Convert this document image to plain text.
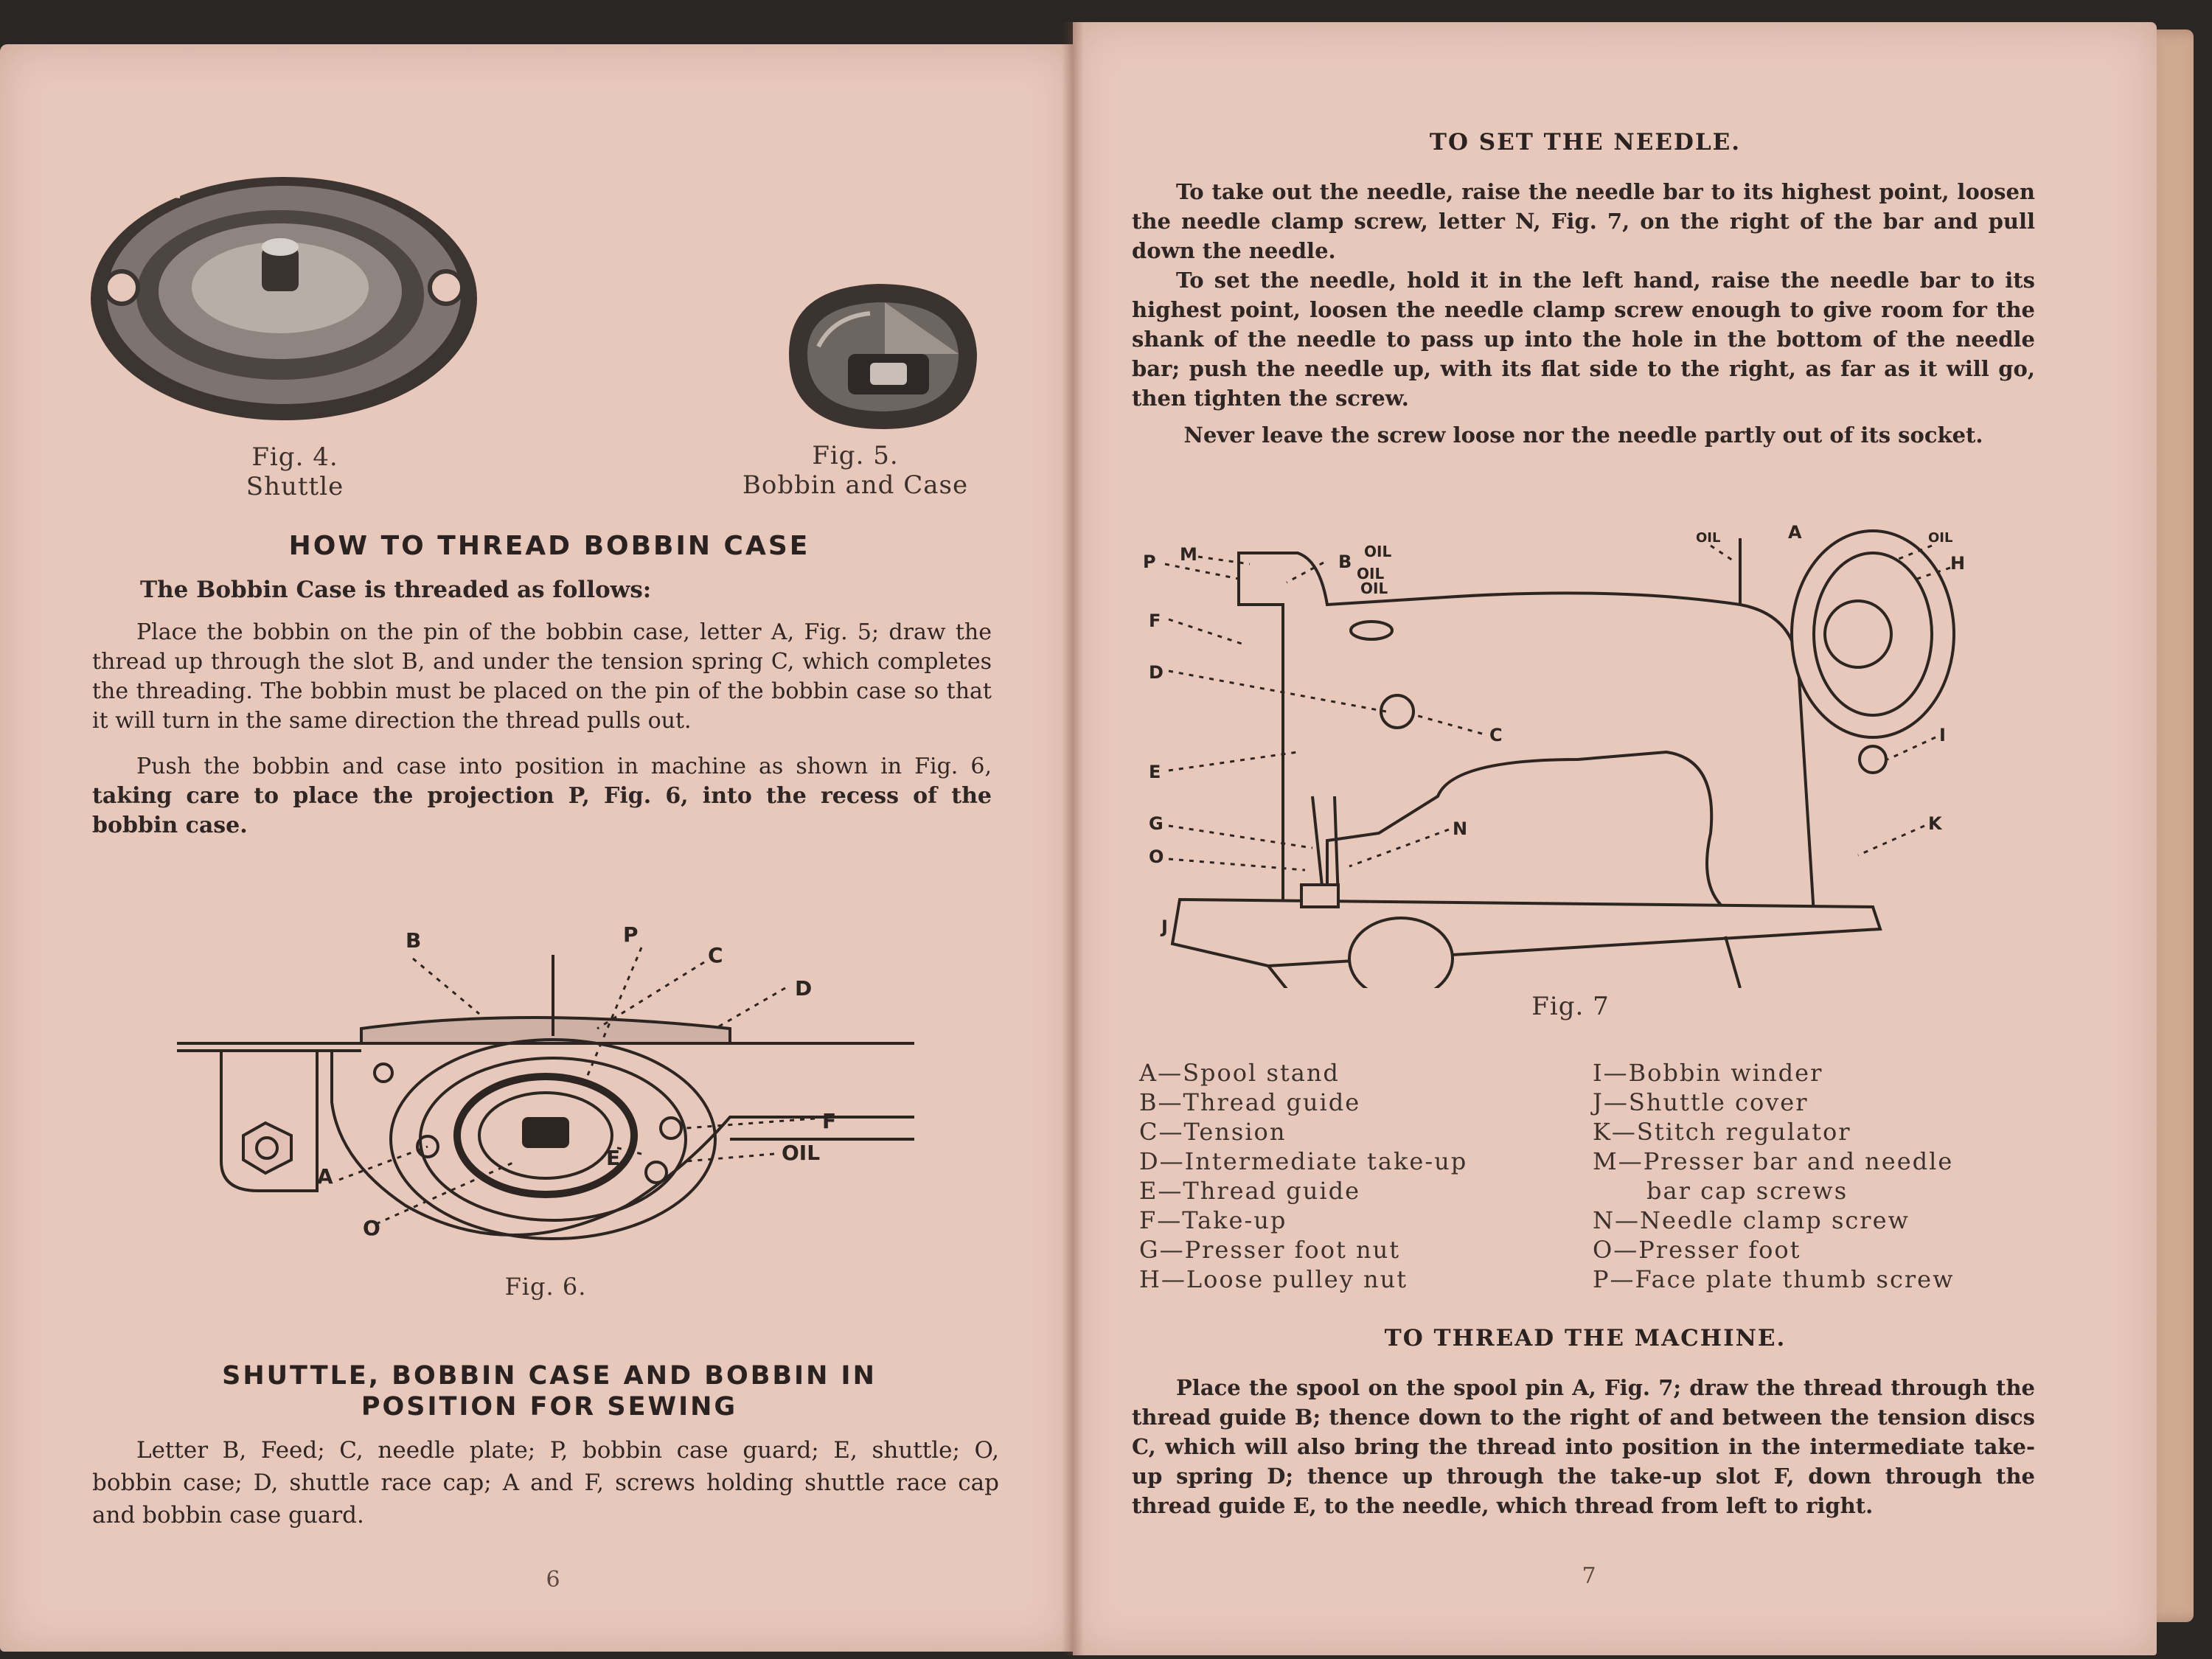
Fig. 4.
Shuttle
Fig. 5.
Bobbin and Case
HOW TO THREAD BOBBIN CASE
The Bobbin Case is threaded as follows:

Place the bobbin on the pin of the bobbin case, letter A, Fig. 5; draw the thread up through the slot B, and under the tension spring C, which completes the threading. The bobbin must be placed on the pin of the bobbin case so that it will turn in the same direction the thread pulls out.

Push the bobbin and case into position in machine as shown in Fig. 6, taking care to place the projection P, Fig. 6, into the recess of the bobbin case.

B	P
C
D
F
OIL
E
A
O
Fig. 6.
SHUTTLE, BOBBIN CASE AND BOBBIN IN
POSITION FOR SEWING

Letter B, Feed; C, needle plate; P, bobbin case guard; E, shuttle; O, bobbin case; D, shuttle race cap; A and F, screws holding shuttle race cap and bobbin case guard.

6
TO SET THE NEEDLE.

To take out the needle, raise the needle bar to its highest point, loosen the needle clamp screw, letter N, Fig. 7, on the right of the bar and pull down the needle.

To set the needle, hold it in the left hand, raise the needle bar to its highest point, loosen the needle clamp screw enough to give room for the shank of the needle to pass up into the hole in the bottom of the needle bar; push the needle up, with its flat side to the right, as far as it will go, then tighten the screw.

Never leave the screw loose nor the needle partly out of its socket.
P M	B OIL
OIL
OIL
F
D
C
E
G	N
O
J
OIL	A	OIL
H
I
K
Fig. 7
A—Spool stand
B—Thread guide
C—Tension
D—Intermediate take-up
E—Thread guide
F—Take-up
G—Presser foot nut
H—Loose pulley nut
I—Bobbin winder
J—Shuttle cover
K—Stitch regulator
M—Presser bar and needle
bar cap screws
N—Needle clamp screw
O—Presser foot
P—Face plate thumb screw
TO THREAD THE MACHINE.

Place the spool on the spool pin A, Fig. 7; draw the thread through the thread guide B; thence down to the right of and between the tension discs C, which will also bring the thread into position in the intermediate take-up spring D; thence up through the take-up slot F, down through the thread guide E, to the needle, which thread from left to right.

7
